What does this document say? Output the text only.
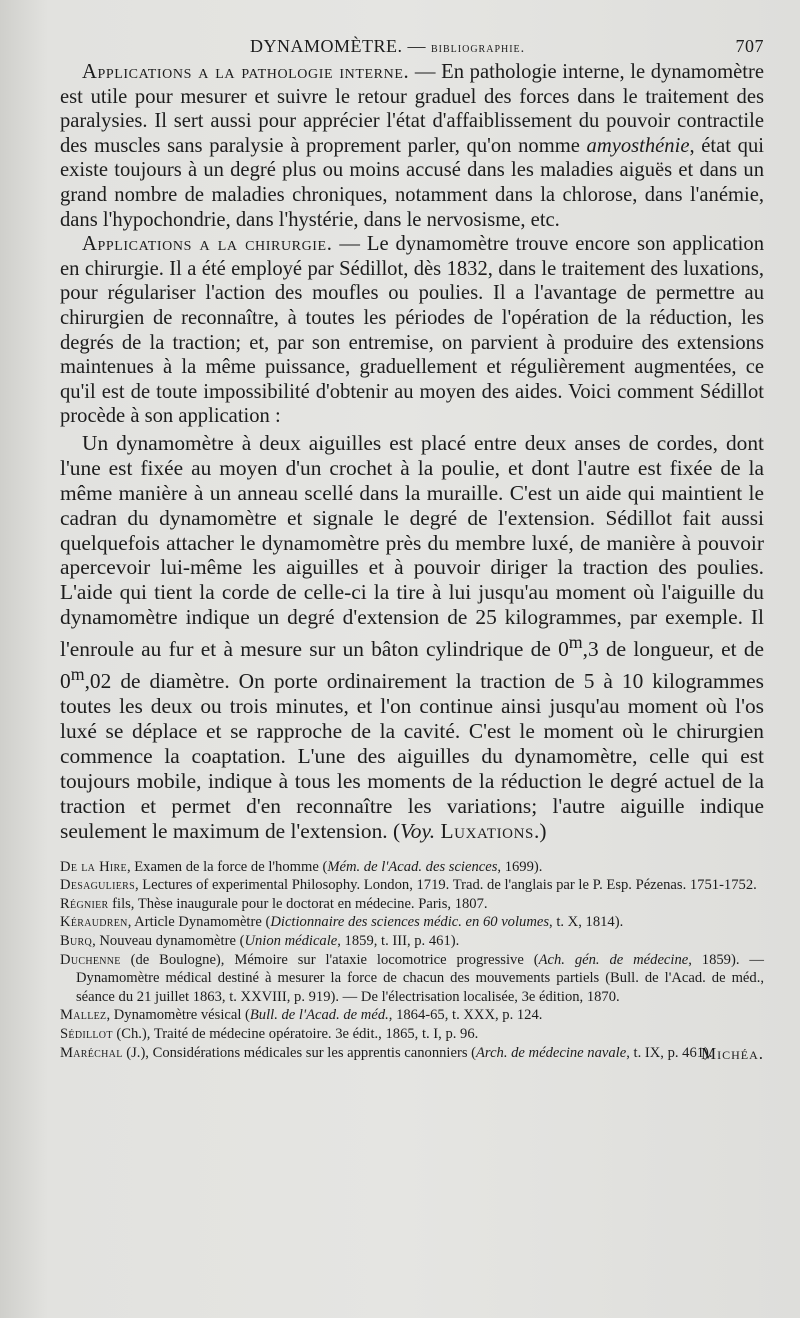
DYNAMOMÈTRE. — bibliographie.	707

Applications a la pathologie interne. — En pathologie interne, le dynamomètre est utile pour mesurer et suivre le retour graduel des forces dans le traitement des paralysies. Il sert aussi pour apprécier l'état d'affaiblissement du pouvoir contractile des muscles sans paralysie à proprement parler, qu'on nomme amyosthénie, état qui existe toujours à un degré plus ou moins accusé dans les maladies aiguës et dans un grand nombre de maladies chroniques, notamment dans la chlorose, dans l'anémie, dans l'hypochondrie, dans l'hystérie, dans le nervosisme, etc.

Applications a la chirurgie. — Le dynamomètre trouve encore son application en chirurgie. Il a été employé par Sédillot, dès 1832, dans le traitement des luxations, pour régulariser l'action des moufles ou poulies. Il a l'avantage de permettre au chirurgien de reconnaître, à toutes les périodes de l'opération de la réduction, les degrés de la traction; et, par son entremise, on parvient à produire des extensions maintenues à la même puissance, graduellement et régulièrement augmentées, ce qu'il est de toute impossibilité d'obtenir au moyen des aides. Voici comment Sédillot procède à son application :

Un dynamomètre à deux aiguilles est placé entre deux anses de cordes, dont l'une est fixée au moyen d'un crochet à la poulie, et dont l'autre est fixée de la même manière à un anneau scellé dans la muraille. C'est un aide qui maintient le cadran du dynamomètre et signale le degré de l'extension. Sédillot fait aussi quelquefois attacher le dynamomètre près du membre luxé, de manière à pouvoir apercevoir lui-même les aiguilles et à pouvoir diriger la traction des poulies. L'aide qui tient la corde de celle-ci la tire à lui jusqu'au moment où l'aiguille du dynamomètre indique un degré d'extension de 25 kilogrammes, par exemple. Il l'enroule au fur et à mesure sur un bâton cylindrique de 0$^m$,3 de longueur, et de 0$^m$,02 de diamètre. On porte ordinairement la traction de 5 à 10 kilogrammes toutes les deux ou trois minutes, et l'on continue ainsi jusqu'au moment où l'os luxé se déplace et se rapproche de la cavité. C'est le moment où le chirurgien commence la coaptation. L'une des aiguilles du dynamomètre, celle qui est toujours mobile, indique à tous les moments de la réduction le degré actuel de la traction et permet d'en reconnaître les variations; l'autre aiguille indique seulement le maximum de l'extension. (Voy. Luxations.)

De la Hire, Examen de la force de l'homme (Mém. de l'Acad. des sciences, 1699).
Desaguliers, Lectures of experimental Philosophy. London, 1719. Trad. de l'anglais par le P. Esp. Pézenas. 1751-1752.
Régnier fils, Thèse inaugurale pour le doctorat en médecine. Paris, 1807.
Kéraudren, Article Dynamomètre (Dictionnaire des sciences médic. en 60 volumes, t. X, 1814).
Burq, Nouveau dynamomètre (Union médicale, 1859, t. III, p. 461).
Duchenne (de Boulogne), Mémoire sur l'ataxie locomotrice progressive (Ach. gén. de médecine, 1859). — Dynamomètre médical destiné à mesurer la force de chacun des mouvements partiels (Bull. de l'Acad. de méd., séance du 21 juillet 1863, t. XXVIII, p. 919). — De l'électrisation localisée, 3e édition, 1870.
Mallez, Dynamomètre vésical (Bull. de l'Acad. de méd., 1864-65, t. XXX, p. 124.
Sédillot (Ch.), Traité de médecine opératoire. 3e édit., 1865, t. I, p. 96.
Maréchal (J.), Considérations médicales sur les apprentis canonniers (Arch. de médecine navale, t. IX, p. 461).
Michéa.
